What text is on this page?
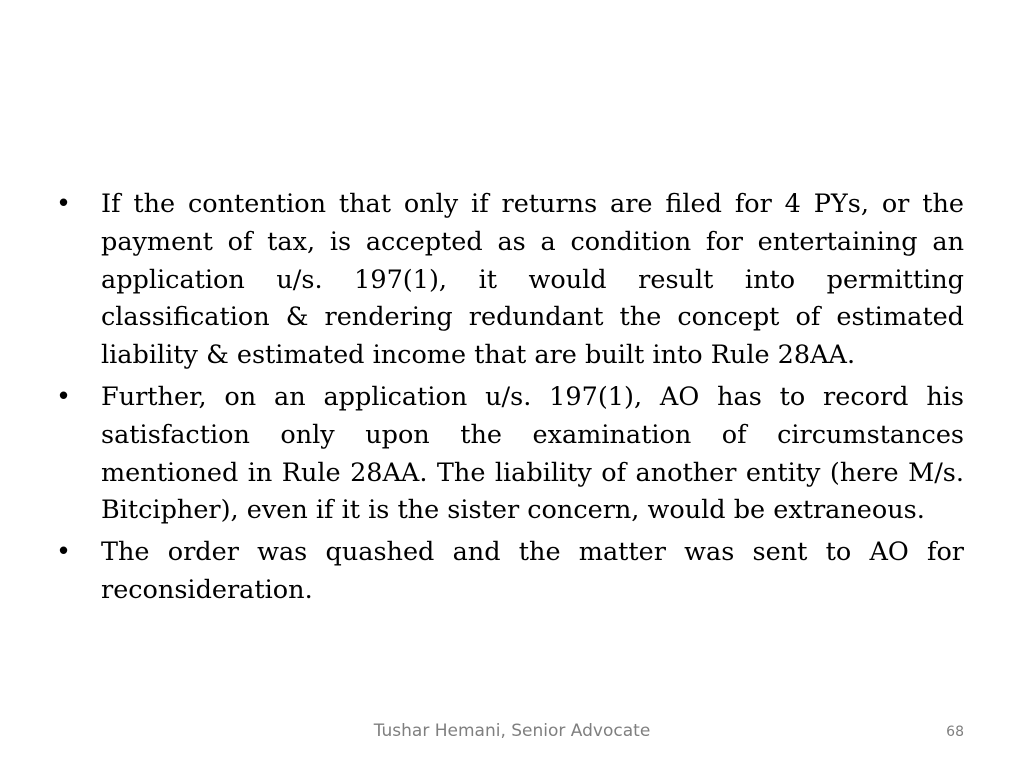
• If the contention that only if returns are filed for 4 PYs, or the payment of tax, is accepted as a condition for entertaining an application u/s. 197(1), it would result into permitting classification & rendering redundant the concept of estimated liability & estimated income that are built into Rule 28AA.
• Further, on an application u/s. 197(1), AO has to record his satisfaction only upon the examination of circumstances mentioned in Rule 28AA. The liability of another entity (here M/s. Bitcipher), even if it is the sister concern, would be extraneous.
• The order was quashed and the matter was sent to AO for reconsideration.
Tushar Hemani, Senior Advocate	68
